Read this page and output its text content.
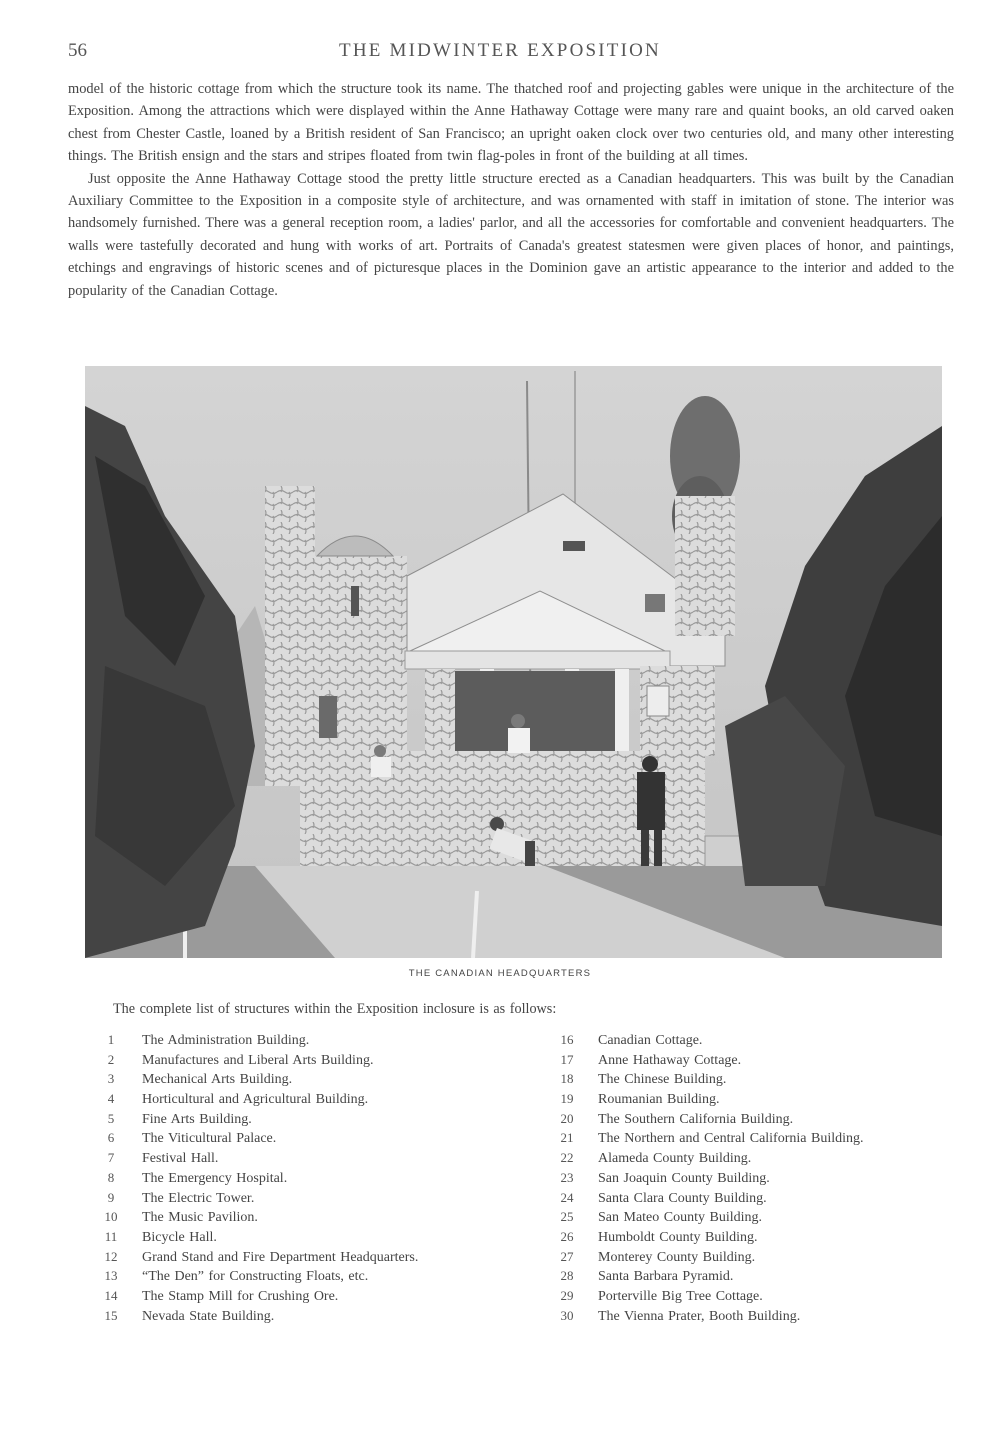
56	THE MIDWINTER EXPOSITION

model of the historic cottage from which the structure took its name. The thatched roof and projecting gables were unique in the architecture of the Exposition. Among the attractions which were displayed within the Anne Hathaway Cottage were many rare and quaint books, an old carved oaken chest from Chester Castle, loaned by a British resident of San Francisco; an upright oaken clock over two centuries old, and many other interesting things. The British ensign and the stars and stripes floated from twin flag-poles in front of the building at all times.

Just opposite the Anne Hathaway Cottage stood the pretty little structure erected as a Canadian headquarters. This was built by the Canadian Auxiliary Committee to the Exposition in a composite style of architecture, and was ornamented with staff in imitation of stone. The interior was handsomely furnished. There was a general reception room, a ladies' parlor, and all the accessories for comfortable and convenient headquarters. The walls were tastefully decorated and hung with works of art. Portraits of Canada's greatest statesmen were given places of honor, and paintings, etchings and engravings of historic scenes and of picturesque places in the Dominion gave an artistic appearance to the interior and added to the popularity of the Canadian Cottage.

THE CANADIAN HEADQUARTERS
The complete list of structures within the Exposition inclosure is as follows:
1 The Administration Building.
2 Manufactures and Liberal Arts Building.
3 Mechanical Arts Building.
4 Horticultural and Agricultural Building.
5 Fine Arts Building.
6 The Viticultural Palace.
7 Festival Hall.
8 The Emergency Hospital.
9 The Electric Tower.
10 The Music Pavilion.
11 Bicycle Hall.
12 Grand Stand and Fire Department Headquarters.
13 “The Den” for Constructing Floats, etc.
14 The Stamp Mill for Crushing Ore.
15 Nevada State Building.
16 Canadian Cottage.
17 Anne Hathaway Cottage.
18 The Chinese Building.
19 Roumanian Building.
20 The Southern California Building.
21 The Northern and Central California Building.
22 Alameda County Building.
23 San Joaquin County Building.
24 Santa Clara County Building.
25 San Mateo County Building.
26 Humboldt County Building.
27 Monterey County Building.
28 Santa Barbara Pyramid.
29 Porterville Big Tree Cottage.
30 The Vienna Prater, Booth Building.
